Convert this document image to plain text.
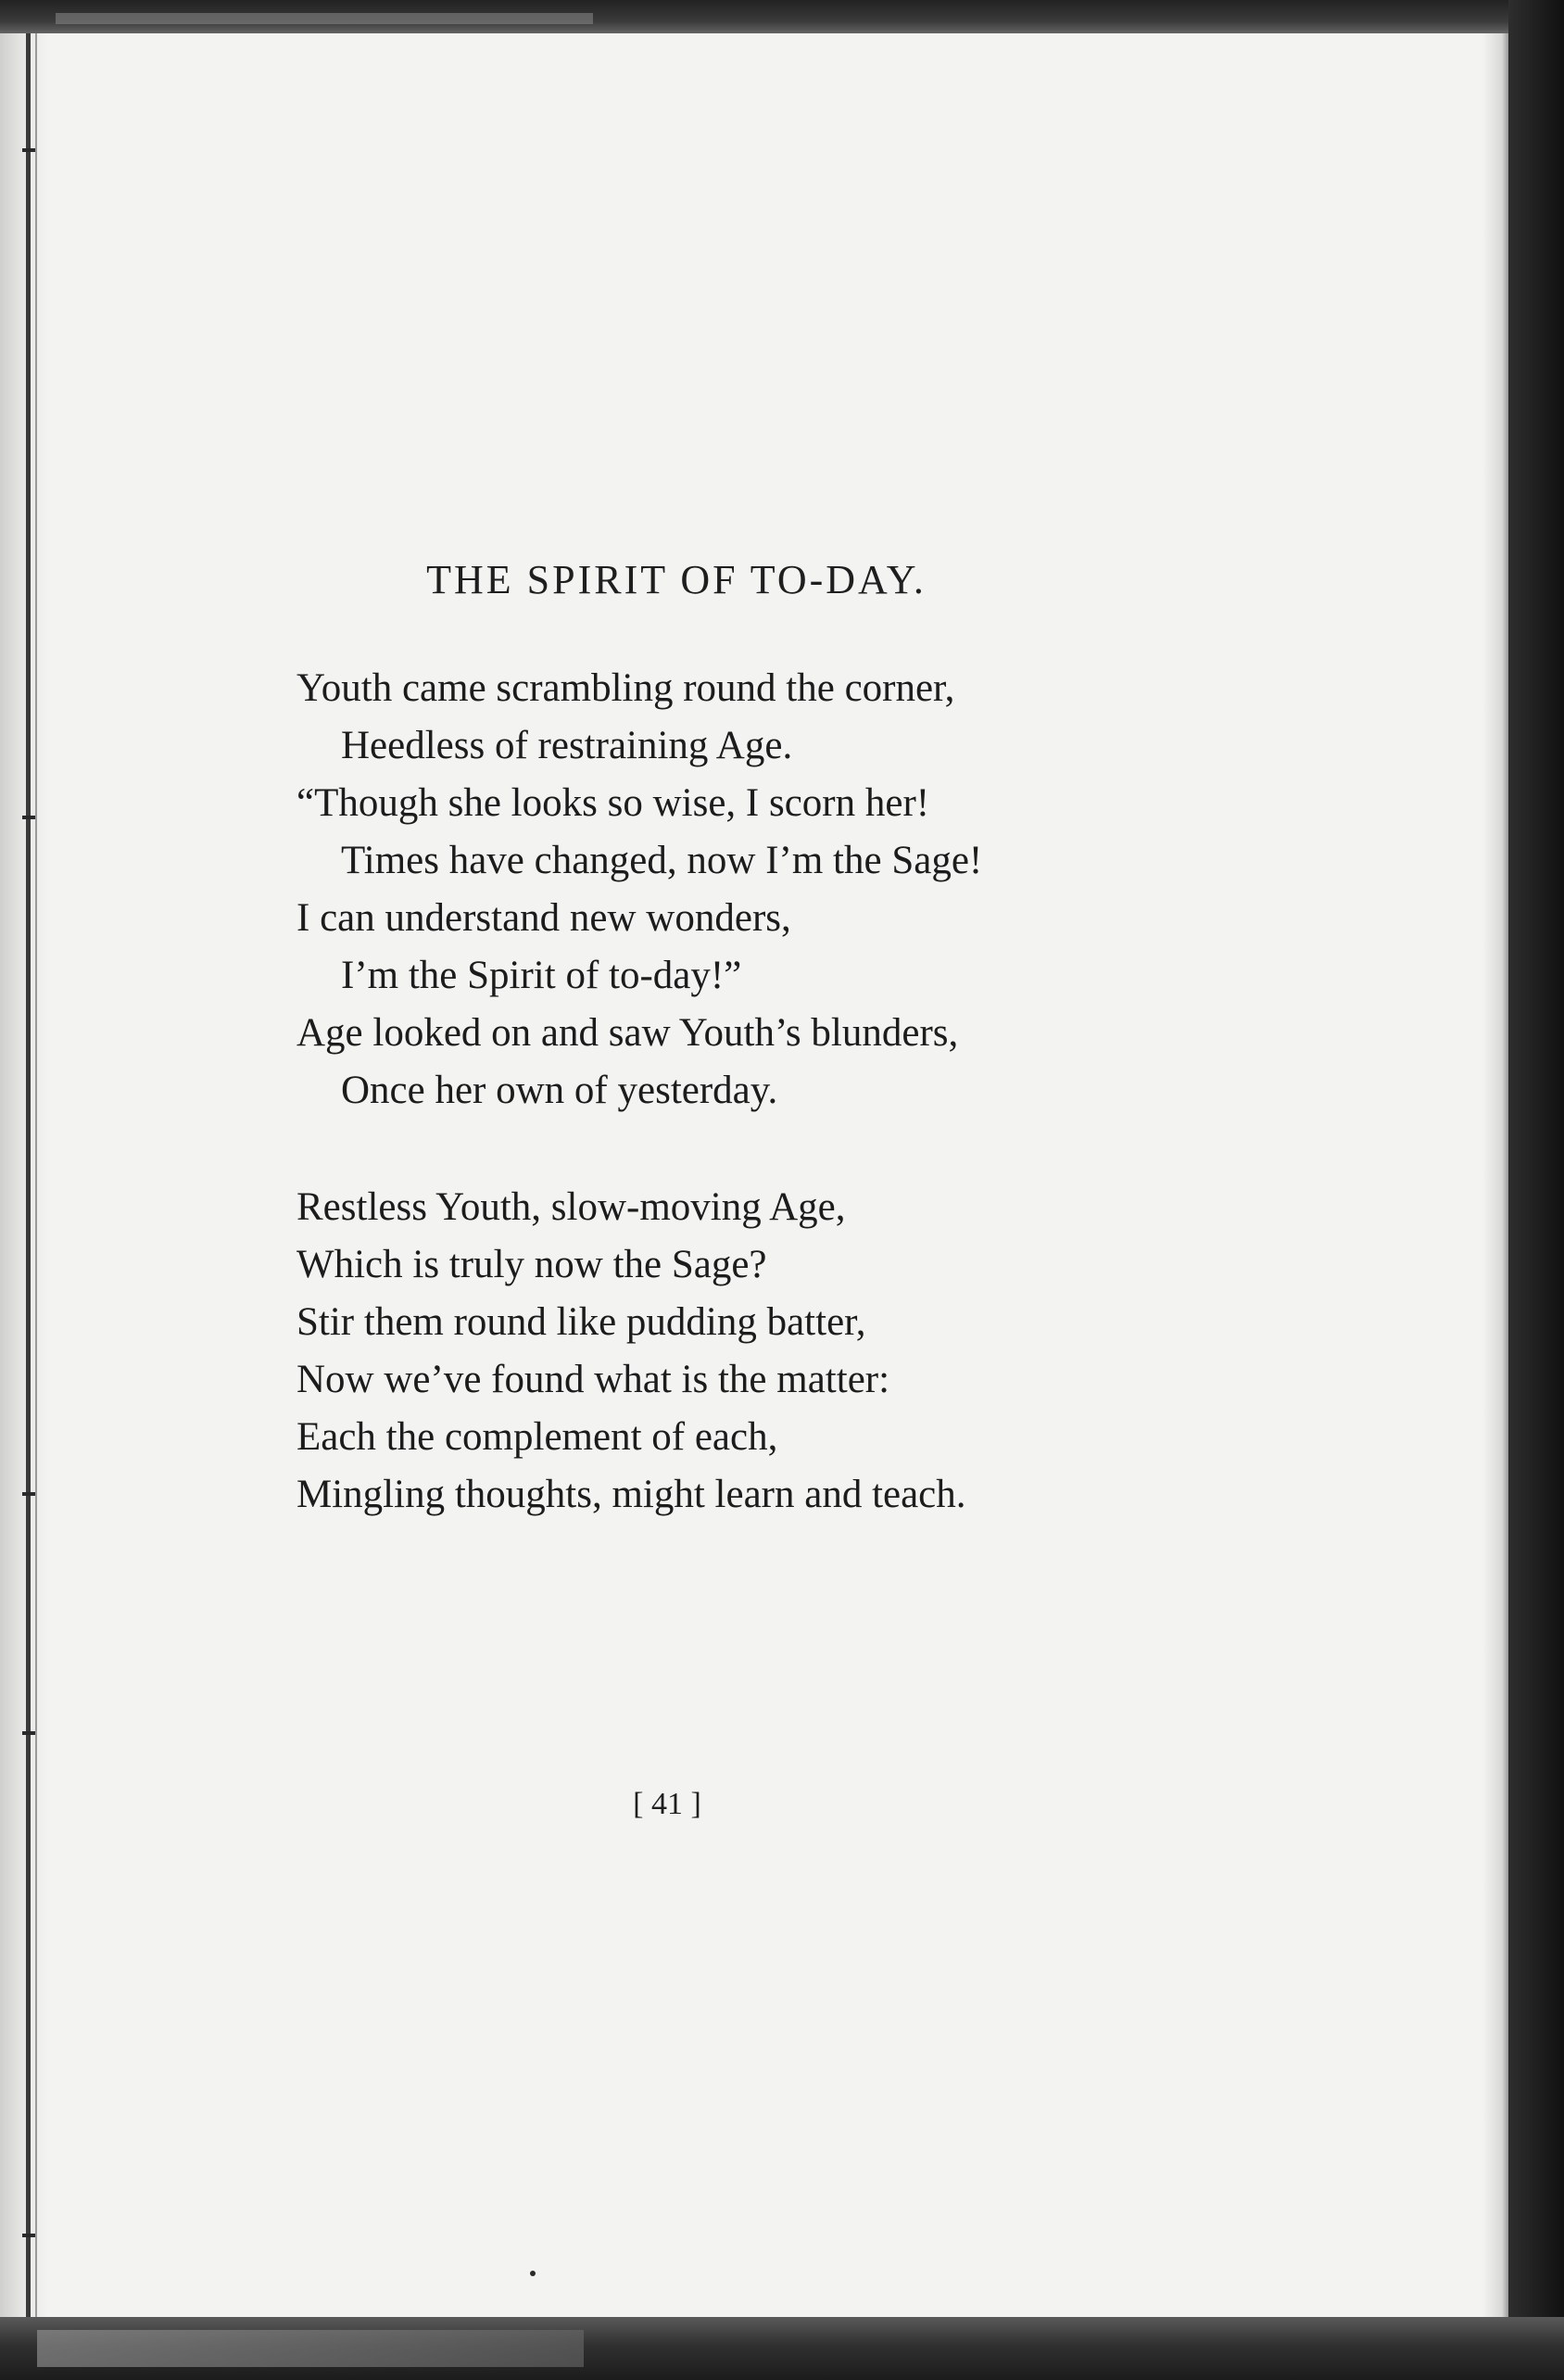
THE SPIRIT OF TO-DAY.
Youth came scrambling round the corner,
Heedless of restraining Age.
“Though she looks so wise, I scorn her!
Times have changed, now I’m the Sage!
I can understand new wonders,
I’m the Spirit of to-day!”
Age looked on and saw Youth’s blunders,
Once her own of yesterday.
Restless Youth, slow-moving Age,
Which is truly now the Sage?
Stir them round like pudding batter,
Now we’ve found what is the matter:
Each the complement of each,
Mingling thoughts, might learn and teach.
[ 41 ]
